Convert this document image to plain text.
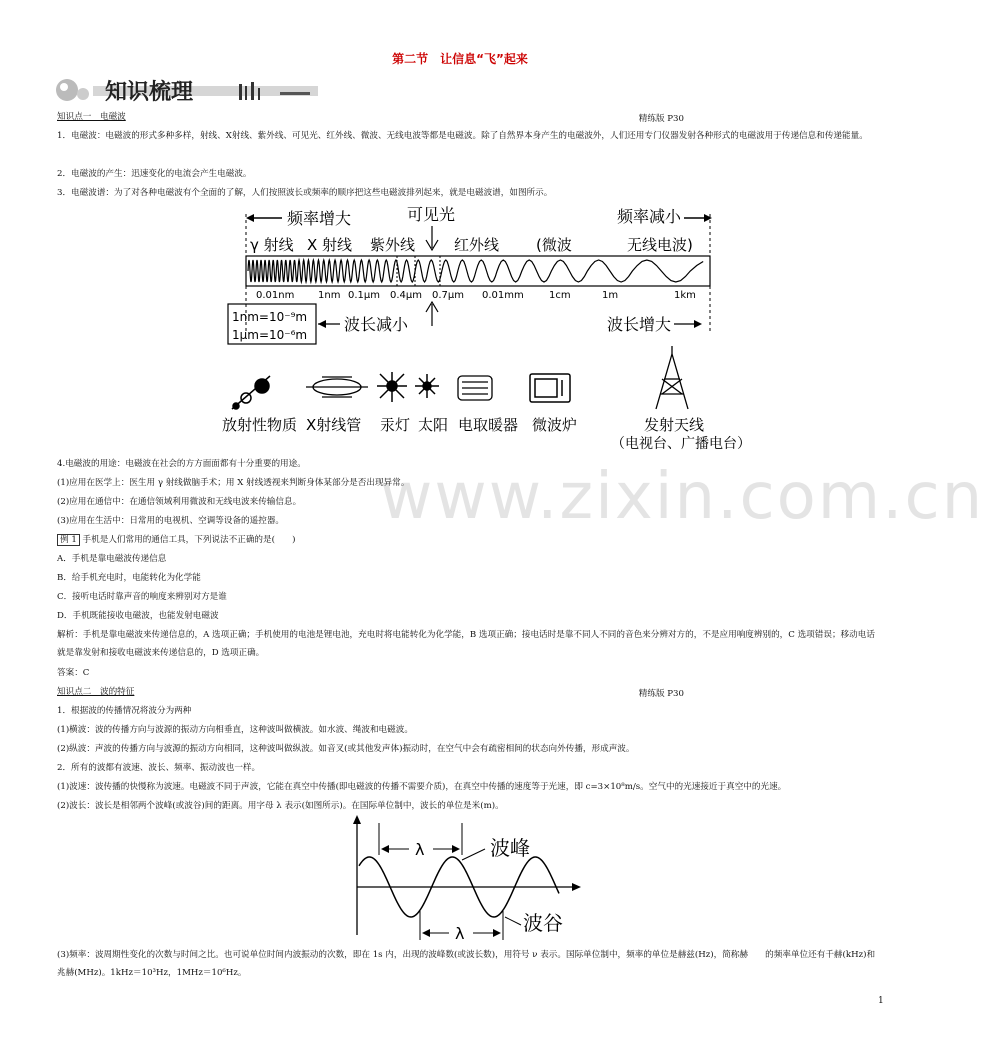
www.zixin.com.cn
第二节　让信息“飞”起来
知识梳理
知识点一　电磁波	精练版 P30
1．电磁波：电磁波的形式多种多样，射线、X射线、紫外线、可见光、红外线、微波、无线电波等都是电磁波。除了自然界本身产生的电磁波外，人们还用专门仪器发射各种形式的电磁波用于传递信息和传递能量。
2．电磁波的产生：迅速变化的电流会产生电磁波。
3．电磁波谱：为了对各种电磁波有个全面的了解，人们按照波长或频率的顺序把这些电磁波排列起来，就是电磁波谱，如图所示。
频率增大	频率减小
可见光
γ 射线 X 射线 紫外线	红外线 (微波	无线电波)
0.01nm 1nm 0.1μm 0.4μm 0.7μm 0.01mm	1cm	1m	1km
1nm=10⁻⁹m
1μm=10⁻⁶m
波长减小	波长增大
放射性物质 X射线管 汞灯 太阳 电取暖器 微波炉	发射天线
（电视台、广播电台）
4.电磁波的用途：电磁波在社会的方方面面都有十分重要的用途。
(1)应用在医学上：医生用 γ 射线做脑手术；用 X 射线透视来判断身体某部分是否出现异常。
(2)应用在通信中：在通信领域利用微波和无线电波来传输信息。
(3)应用在生活中：日常用的电视机、空调等设备的遥控器。
例 1 手机是人们常用的通信工具，下列说法不正确的是(　　)
A．手机是靠电磁波传递信息
B．给手机充电时，电能转化为化学能
C．接听电话时靠声音的响度来辨别对方是谁
D．手机既能接收电磁波，也能发射电磁波
解析：手机是靠电磁波来传递信息的，A 选项正确；手机使用的电池是锂电池，充电时将电能转化为化学能，B 选项正确；接电话时是靠不同人不同的音色来分辨对方的，不是应用响度辨别的，C 选项错误；移动电话就是靠发射和接收电磁波来传递信息的，D 选项正确。
答案：C
知识点二　波的特征	精练版 P30
1．根据波的传播情况将波分为两种
(1)横波：波的传播方向与波源的振动方向相垂直，这种波叫做横波。如水波、绳波和电磁波。
(2)纵波：声波的传播方向与波源的振动方向相同，这种波叫做纵波。如音叉(或其他发声体)振动时，在空气中会有疏密相间的状态向外传播，形成声波。
2．所有的波都有波速、波长、频率、振动波也一样。
(1)波速：波传播的快慢称为波速。电磁波不同于声波，它能在真空中传播(即电磁波的传播不需要介质)，在真空中传播的速度等于光速，即 c=3×10⁸m/s。空气中的光速接近于真空中的光速。
(2)波长：波长是相邻两个波峰(或波谷)间的距离。用字母 λ 表示(如图所示)。在国际单位制中，波长的单位是米(m)。
λ	波峰
λ	波谷
(3)频率：波周期性变化的次数与时间之比。也可说单位时间内波振动的次数，即在 1s 内，出现的波峰数(或波长数)，用符号 ν 表示。国际单位制中，频率的单位是赫兹(Hz)，简称赫　　的频率单位还有千赫(kHz)和兆赫(MHz)。1kHz＝10³Hz，1MHz＝10⁶Hz。
1
